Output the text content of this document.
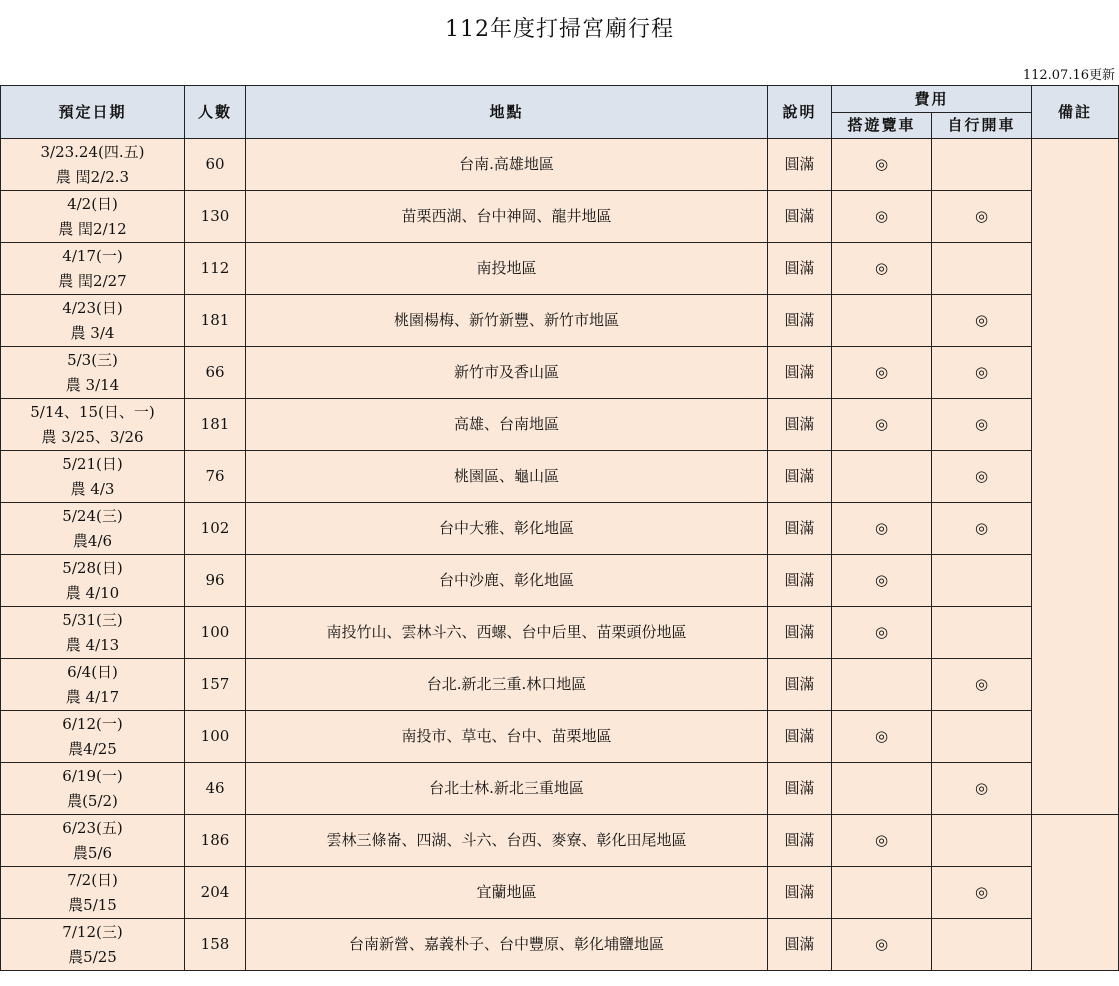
112年度打掃宮廟行程
112.07.16更新
預定日期	人數	地點	說明	費用		備註
				搭遊覽車	自行開車	

3/23.24(四.五)
農 閏2/2.3	60	台南.高雄地區	圓滿	◎		

4/2(日)
農 閏2/12	130	苗栗西湖、台中神岡、龍井地區	圓滿	◎	◎	

4/17(一)
農 閏2/27	112	南投地區	圓滿	◎		

4/23(日)
農 3/4	181	桃園楊梅、新竹新豐、新竹市地區	圓滿		◎	

5/3(三)
農 3/14	66	新竹市及香山區	圓滿	◎	◎	

5/14、15(日、一)
農 3/25、3/26	181	高雄、台南地區	圓滿	◎	◎	

5/21(日)
農 4/3	76	桃園區、龜山區	圓滿		◎	

5/24(三)
農4/6	102	台中大雅、彰化地區	圓滿	◎	◎	

5/28(日)
農 4/10	96	台中沙鹿、彰化地區	圓滿	◎		

5/31(三)
農 4/13	100	南投竹山、雲林斗六、西螺、台中后里、苗栗頭份地區	圓滿	◎		

6/4(日)
農 4/17	157	台北.新北三重.林口地區	圓滿		◎	

6/12(一)
農4/25	100	南投市、草屯、台中、苗栗地區	圓滿	◎		

6/19(一)
農(5/2)	46	台北士林.新北三重地區	圓滿		◎	

6/23(五)
農5/6	186	雲林三條崙、四湖、斗六、台西、麥寮、彰化田尾地區	圓滿	◎		

7/2(日)
農5/15	204	宜蘭地區	圓滿		◎	

7/12(三)
農5/25	158	台南新營、嘉義朴子、台中豐原、彰化埔鹽地區	圓滿	◎		
